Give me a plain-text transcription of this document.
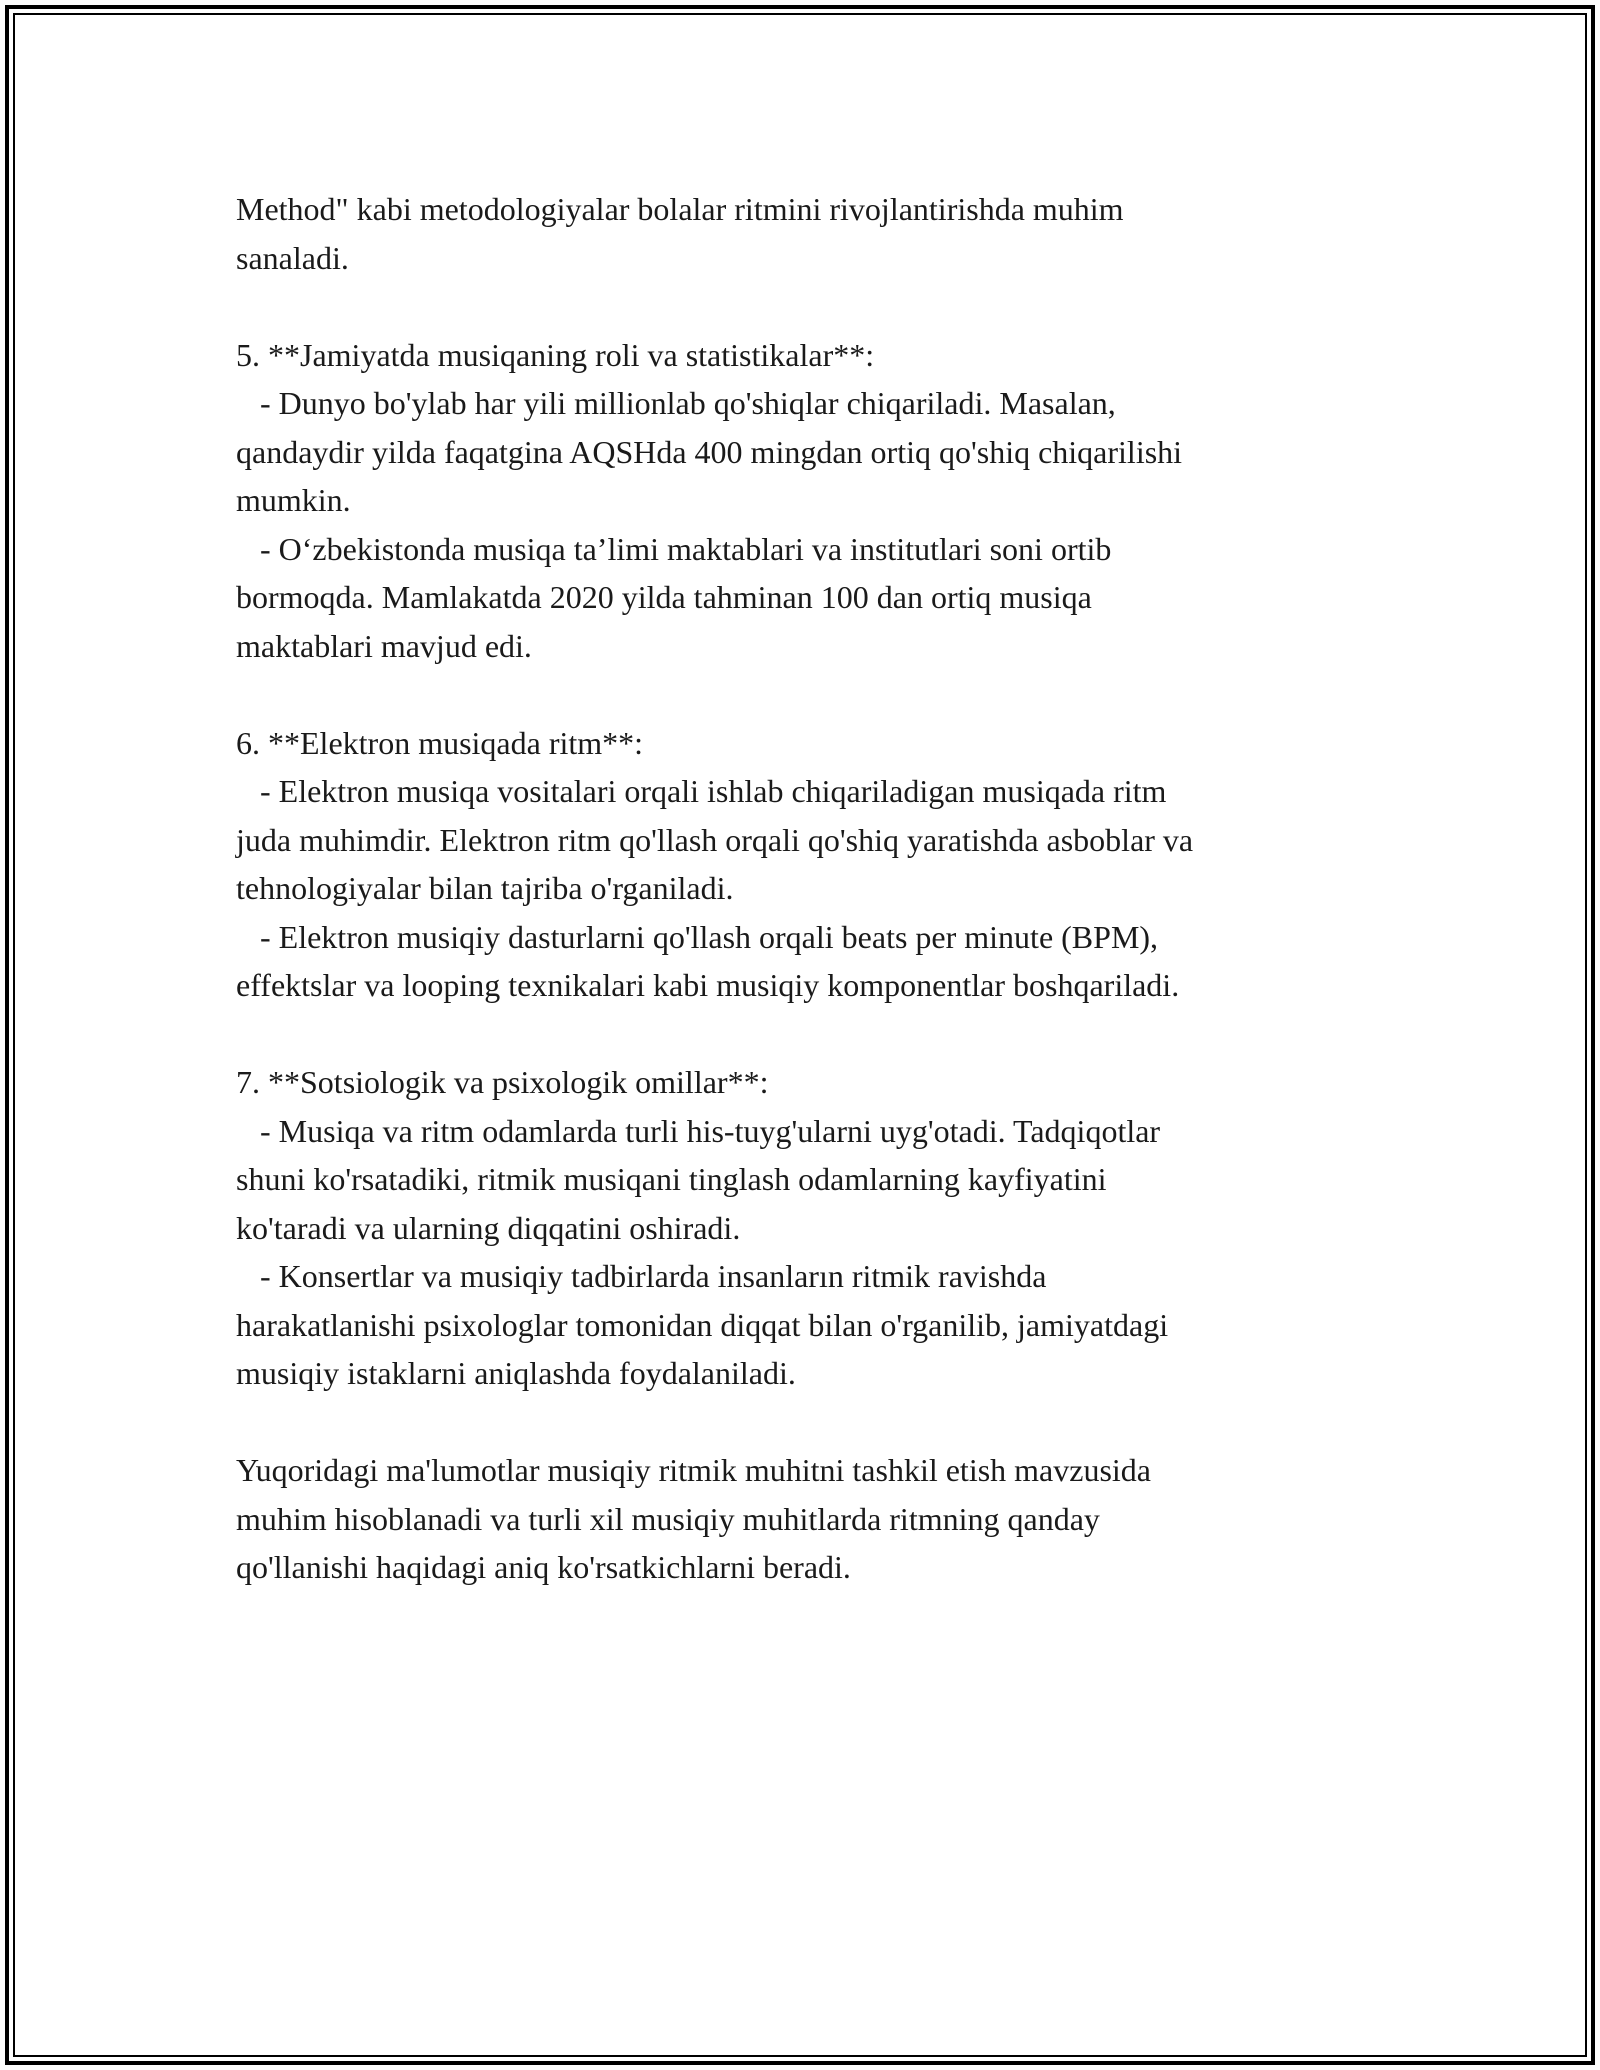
Method" kabi metodologiyalar bolalar ritmini rivojlantirishda muhim

sanaladi.

5. **Jamiyatda musiqaning roli va statistikalar**:

- Dunyo bo'ylab har yili millionlab qo'shiqlar chiqariladi. Masalan,

qandaydir yilda faqatgina AQSHda 400 mingdan ortiq qo'shiq chiqarilishi

mumkin.

- O‘zbekistonda musiqa ta’limi maktablari va institutlari soni ortib

bormoqda. Mamlakatda 2020 yilda tahminan 100 dan ortiq musiqa

maktablari mavjud edi.

6. **Elektron musiqada ritm**:

- Elektron musiqa vositalari orqali ishlab chiqariladigan musiqada ritm

juda muhimdir. Elektron ritm qo'llash orqali qo'shiq yaratishda asboblar va

tehnologiyalar bilan tajriba o'rganiladi.

- Elektron musiqiy dasturlarni qo'llash orqali beats per minute (BPM),

effektslar va looping texnikalari kabi musiqiy komponentlar boshqariladi.

7. **Sotsiologik va psixologik omillar**:

- Musiqa va ritm odamlarda turli his-tuyg'ularni uyg'otadi. Tadqiqotlar

shuni ko'rsatadiki, ritmik musiqani tinglash odamlarning kayfiyatini

ko'taradi va ularning diqqatini oshiradi.

- Konsertlar va musiqiy tadbirlarda insanların ritmik ravishda

harakatlanishi psixologlar tomonidan diqqat bilan o'rganilib, jamiyatdagi

musiqiy istaklarni aniqlashda foydalaniladi.

Yuqoridagi ma'lumotlar musiqiy ritmik muhitni tashkil etish mavzusida

muhim hisoblanadi va turli xil musiqiy muhitlarda ritmning qanday

qo'llanishi haqidagi aniq ko'rsatkichlarni beradi.
